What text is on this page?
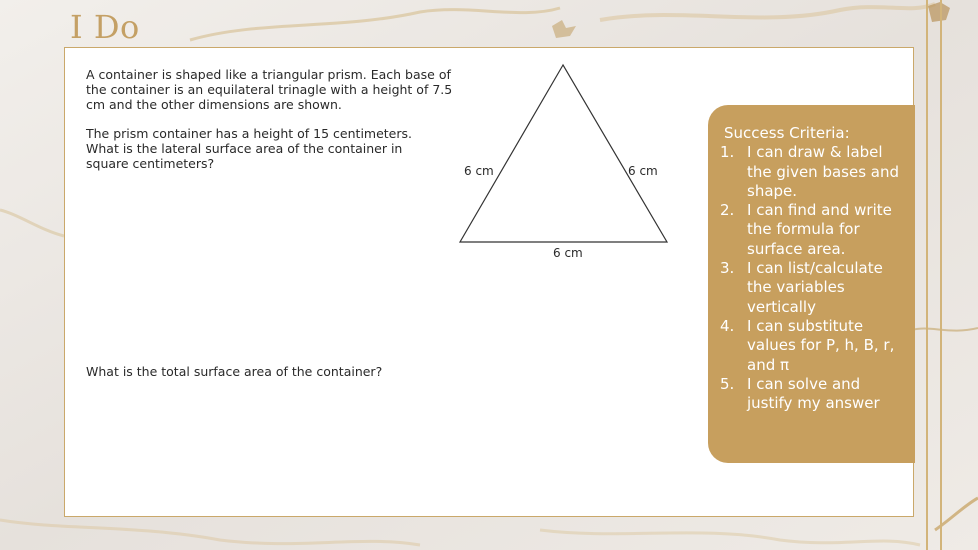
I Do
A container is shaped like a triangular prism. Each base of the container is an equilateral trinagle with a height of 7.5 cm and the other dimensions are shown.
The prism container has a height of 15 centimeters. What is the lateral surface area of the container in square centimeters?
What is the total surface area of the container?
6 cm	6 cm
6 cm
Success Criteria:
1. I can draw & label the given bases and shape.
2. I can find and write the formula for surface area.
3. I can list/calculate the variables vertically
4. I can substitute values for P, h, B, r, and π
5. I can solve and justify my answer
